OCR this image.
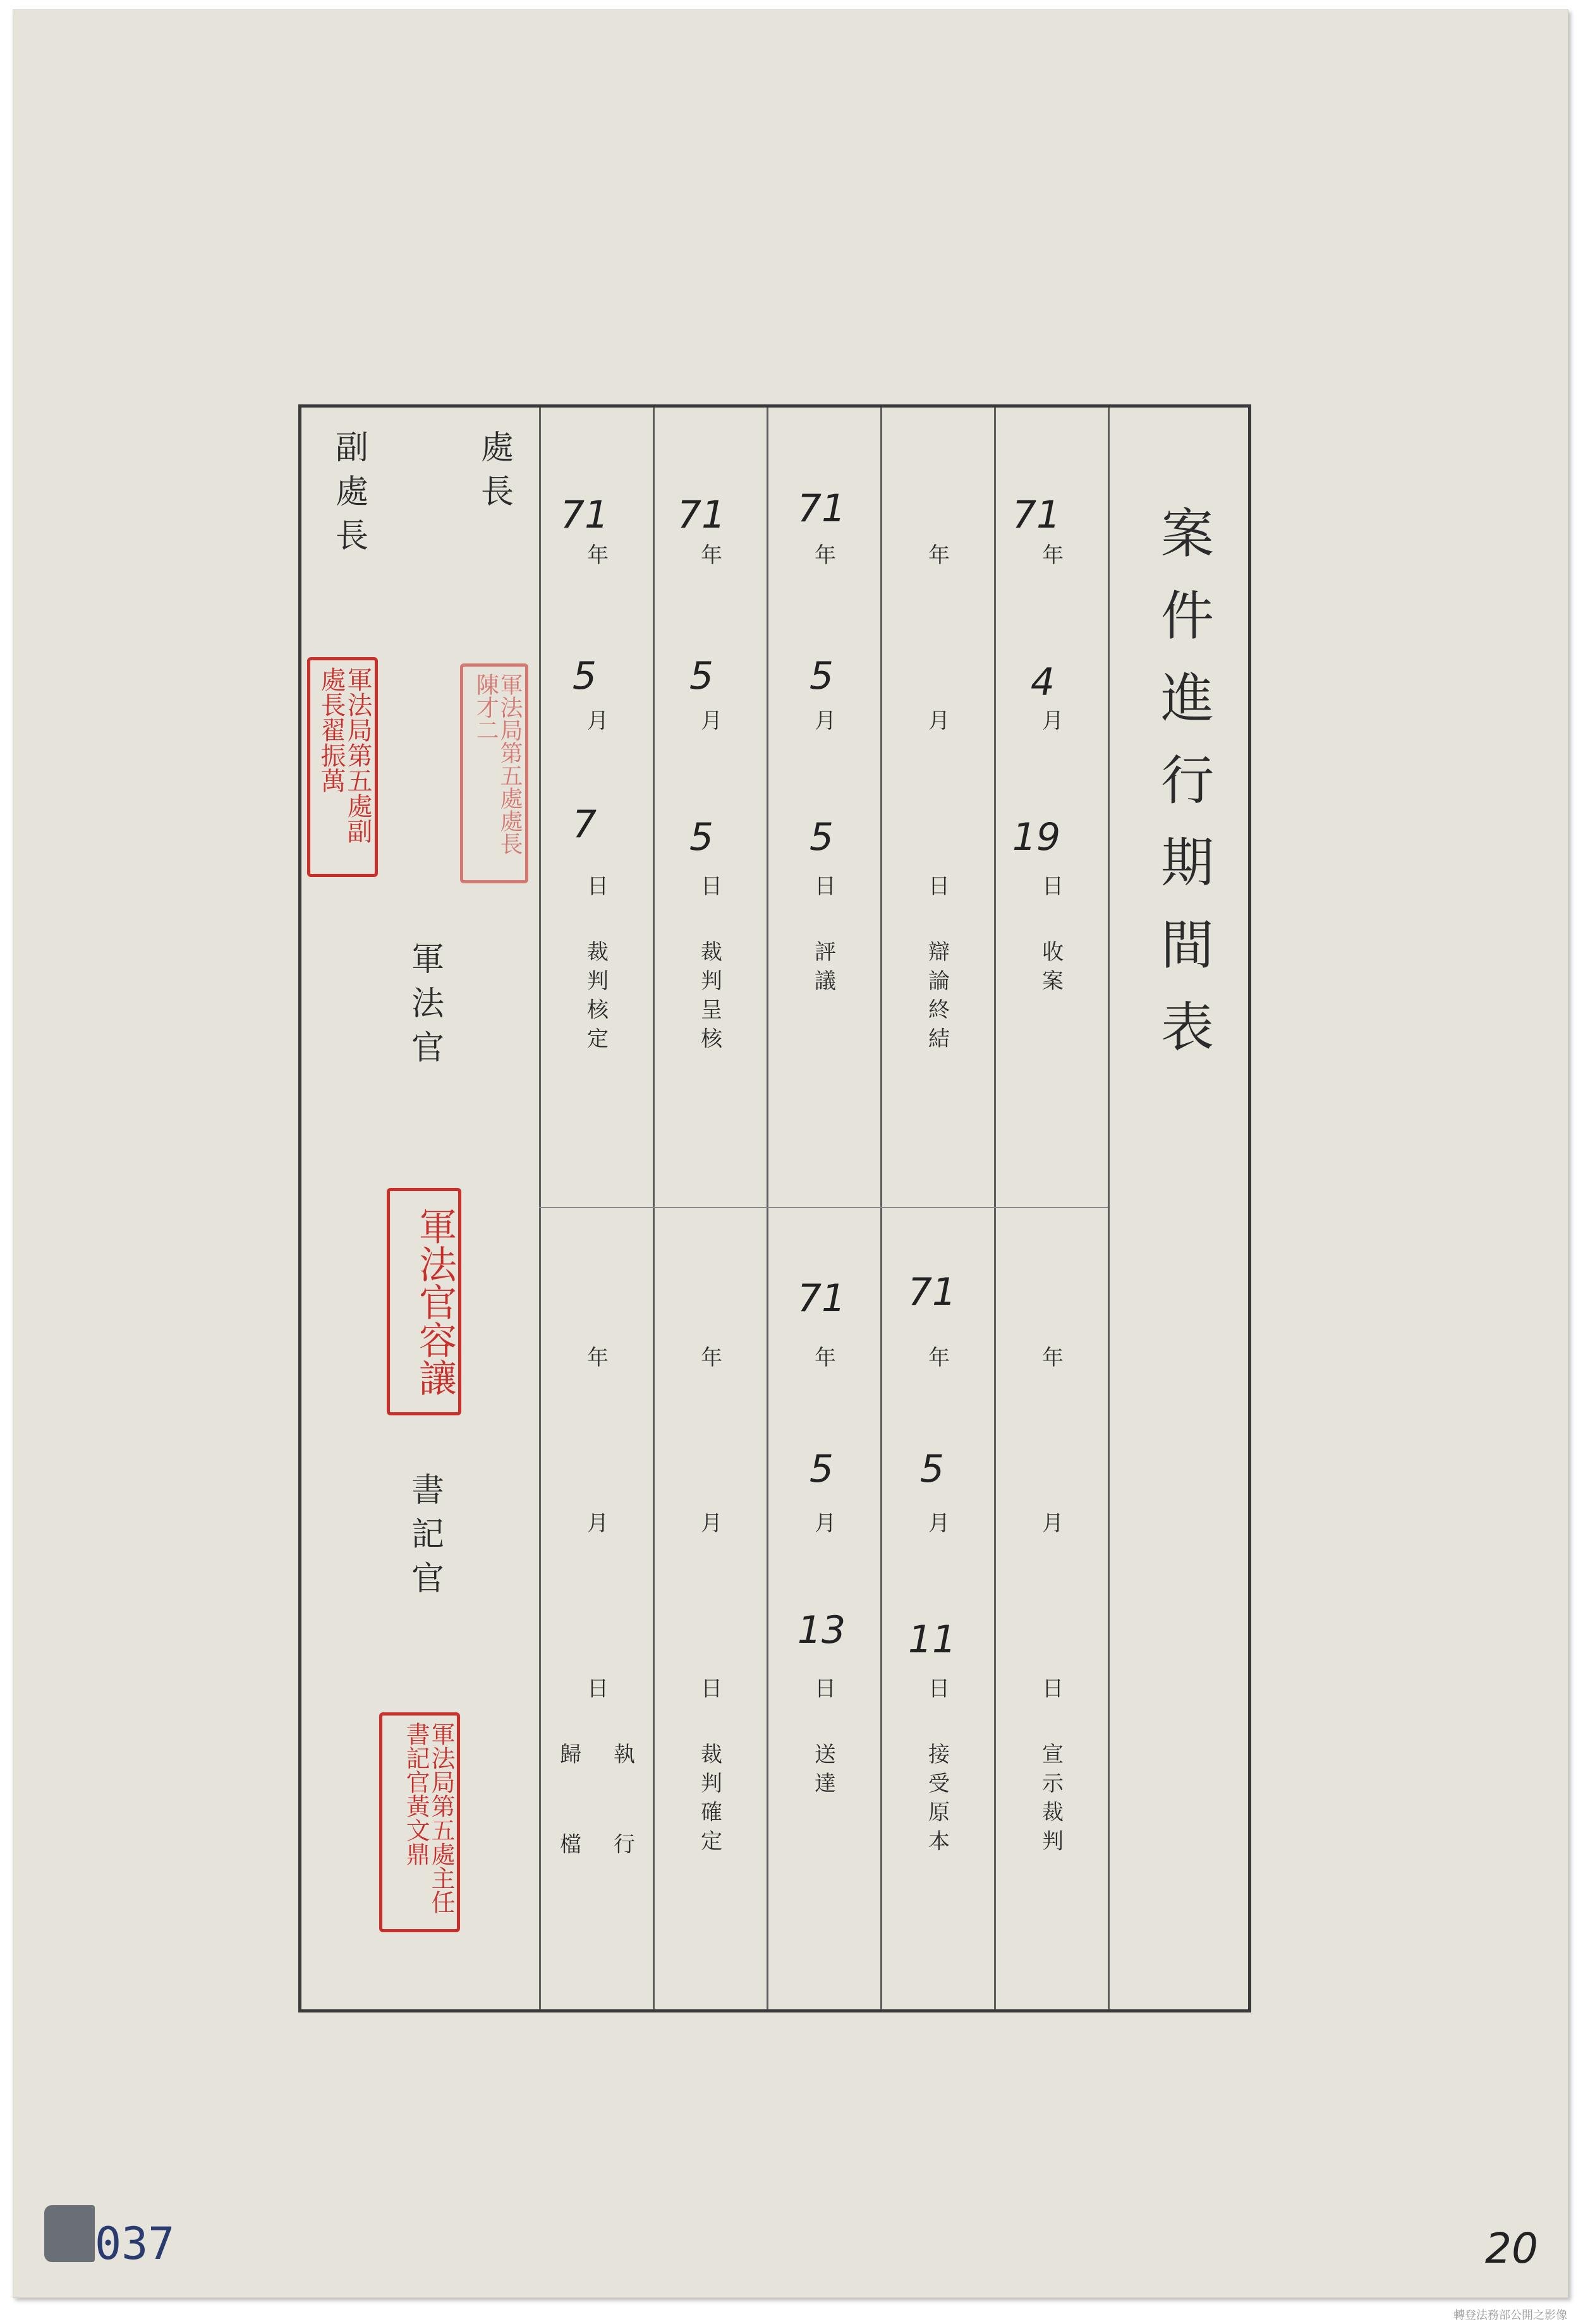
案件進行期間表
處長
副處長
軍法官
書記官
軍法局第五處副處長翟振萬	軍法局第五處處長陳才二
軍法官容讓
軍法局第五處主任書記官黃文鼎
年
月
日
收案
71
4
19
年
月
日
辯論終結
年
月
日
評議
71
5
5
年
月
日
裁判呈核
71
5
5
年
月
日
裁判核定
71
5
7
年
月
日
宣示裁判
年
月
日
接受原本
71
5
11
年
月
日
送達
71
5
13
年
月
日
裁判確定
年
月
日
執行
歸檔
037	20
轉登法務部公開之影像
